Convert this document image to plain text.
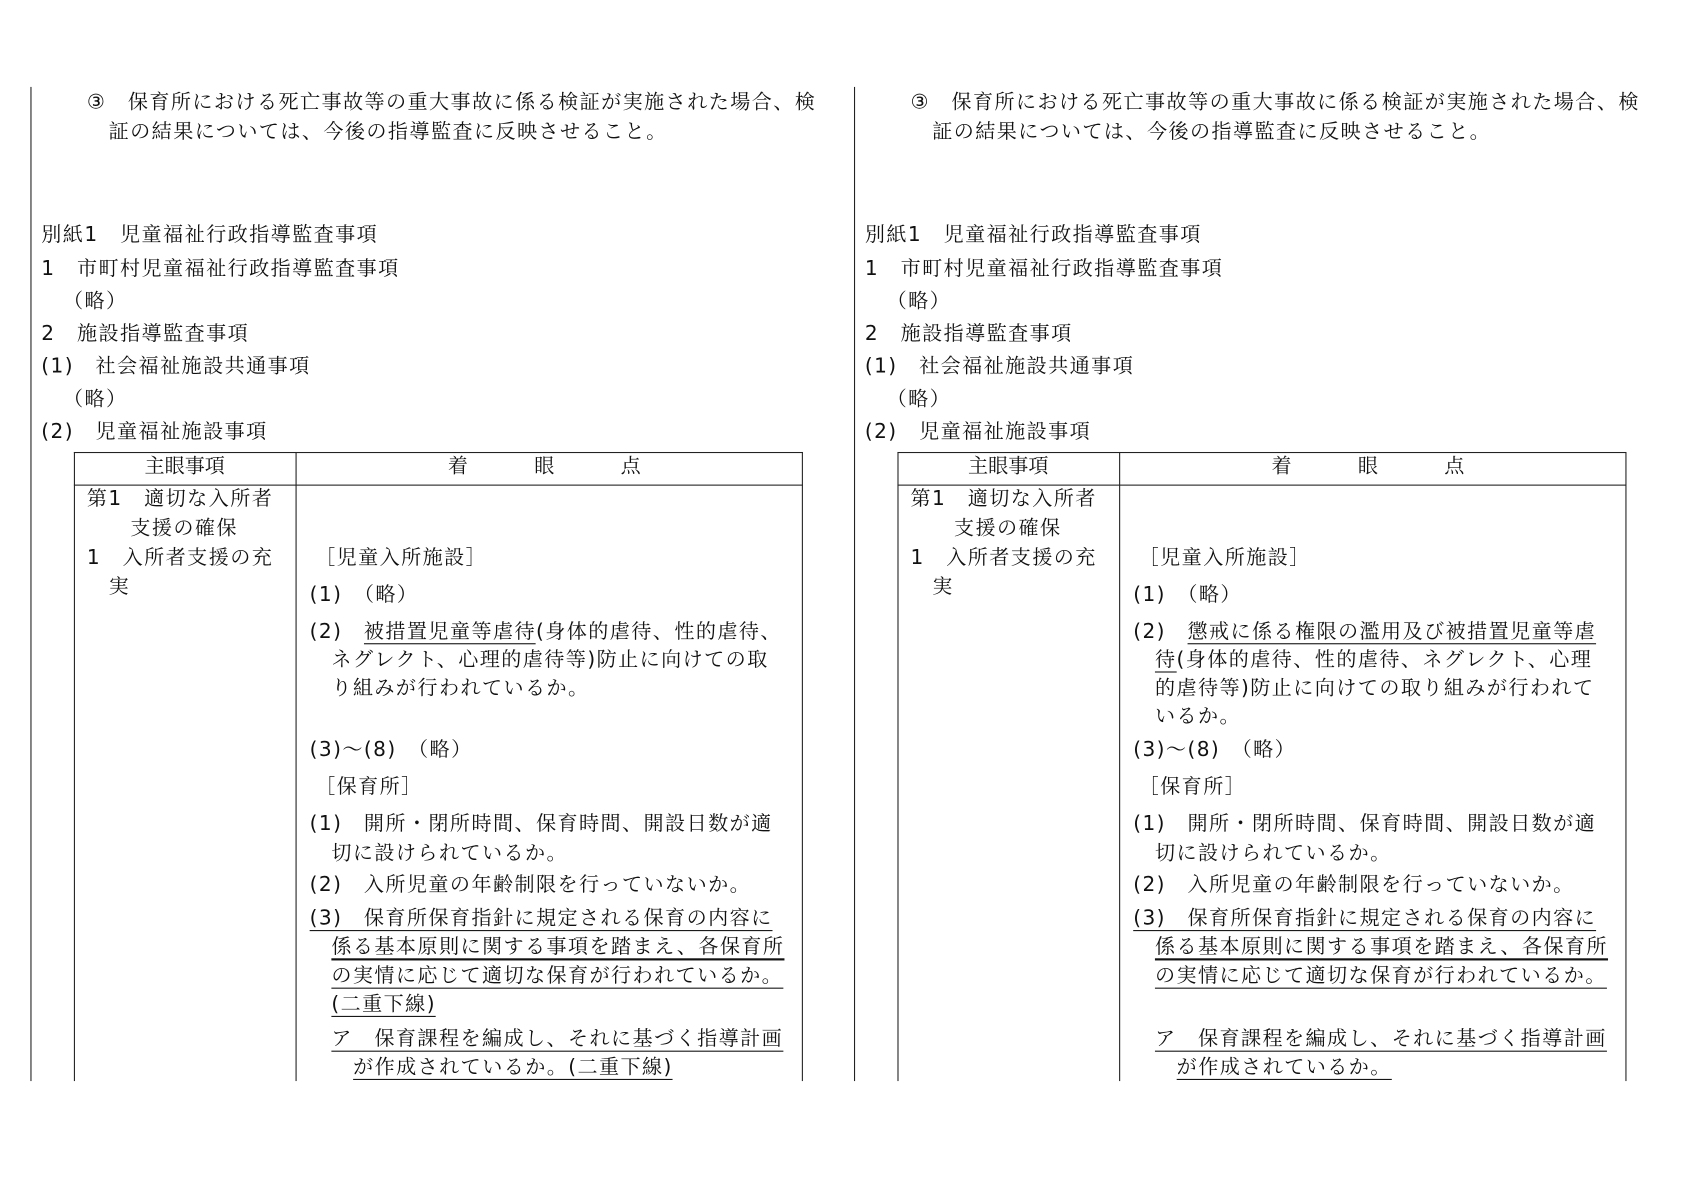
主眼事項	着　　眼　　点
③　保育所における死亡事故等の重大事故に係る検証が実施された場合、検
証の結果については、今後の指導監査に反映させること。
別紙1　児童福祉行政指導監査事項
1　市町村児童福祉行政指導監査事項
（略）
2　施設指導監査事項
(1)　社会福祉施設共通事項
（略）
(2)　児童福祉施設事項
第1　適切な入所者
支援の確保
1　入所者支援の充
実
［児童入所施設］
(1)　（略）
(2)　被措置児童等虐待(身体的虐待、性的虐待、
ネグレクト、心理的虐待等)防止に向けての取
り組みが行われているか。
(3)～(8)　（略）
［保育所］
(1)　開所・閉所時間、保育時間、開設日数が適
切に設けられているか。
(2)　入所児童の年齢制限を行っていないか。
(3)　保育所保育指針に規定される保育の内容に
係る基本原則に関する事項を踏まえ、各保育所
の実情に応じて適切な保育が行われているか。
(二重下線)
ア　保育課程を編成し、それに基づく指導計画
が作成されているか。(二重下線)
主眼事項	着　　眼　　点
③　保育所における死亡事故等の重大事故に係る検証が実施された場合、検
証の結果については、今後の指導監査に反映させること。
別紙1　児童福祉行政指導監査事項
1　市町村児童福祉行政指導監査事項
（略）
2　施設指導監査事項
(1)　社会福祉施設共通事項
（略）
(2)　児童福祉施設事項
第1　適切な入所者
支援の確保
1　入所者支援の充
実
［児童入所施設］
(1)　（略）
(2)　懲戒に係る権限の濫用及び被措置児童等虐
待(身体的虐待、性的虐待、ネグレクト、心理
的虐待等)防止に向けての取り組みが行われて
いるか。
(3)～(8)　（略）
［保育所］
(1)　開所・閉所時間、保育時間、開設日数が適
切に設けられているか。
(2)　入所児童の年齢制限を行っていないか。
(3)　保育所保育指針に規定される保育の内容に
係る基本原則に関する事項を踏まえ、各保育所
の実情に応じて適切な保育が行われているか。
ア　保育課程を編成し、それに基づく指導計画
が作成されているか。
